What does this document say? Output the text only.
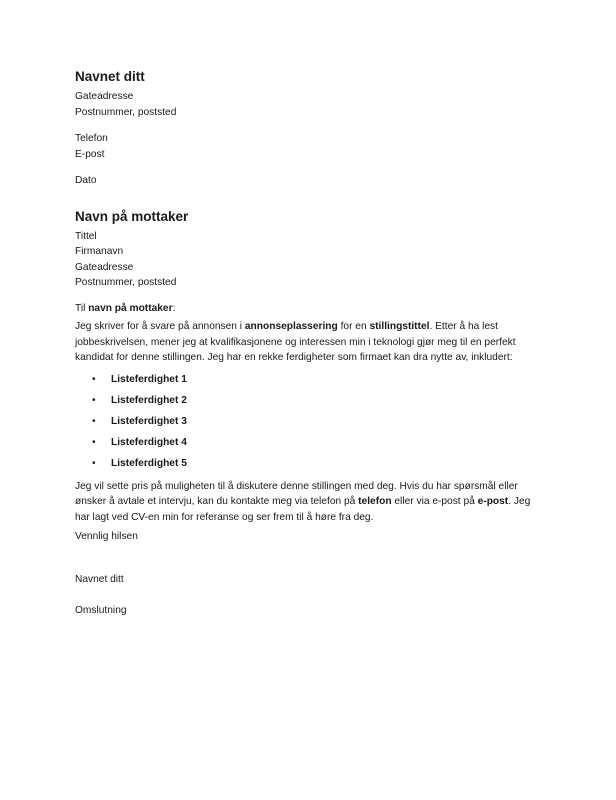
Navnet ditt
Gateadresse
Postnummer, poststed
Telefon
E-post
Dato
Navn på mottaker
Tittel
Firmanavn
Gateadresse
Postnummer, poststed
Til navn på mottaker:
Jeg skriver for å svare på annonsen i annonseplassering for en stillingstittel. Etter å ha lest
jobbeskrivelsen, mener jeg at kvalifikasjonene og interessen min i teknologi gjør meg til en perfekt
kandidat for denne stillingen. Jeg har en rekke ferdigheter som firmaet kan dra nytte av, inkludert:
• Listeferdighet 1
• Listeferdighet 2
• Listeferdighet 3
• Listeferdighet 4
• Listeferdighet 5
Jeg vil sette pris på muligheten til å diskutere denne stillingen med deg. Hvis du har spørsmål eller
ønsker å avtale et intervju, kan du kontakte meg via telefon på telefon eller via e-post på e-post. Jeg
har lagt ved CV-en min for referanse og ser frem til å høre fra deg.
Vennlig hilsen
Navnet ditt
Omslutning
